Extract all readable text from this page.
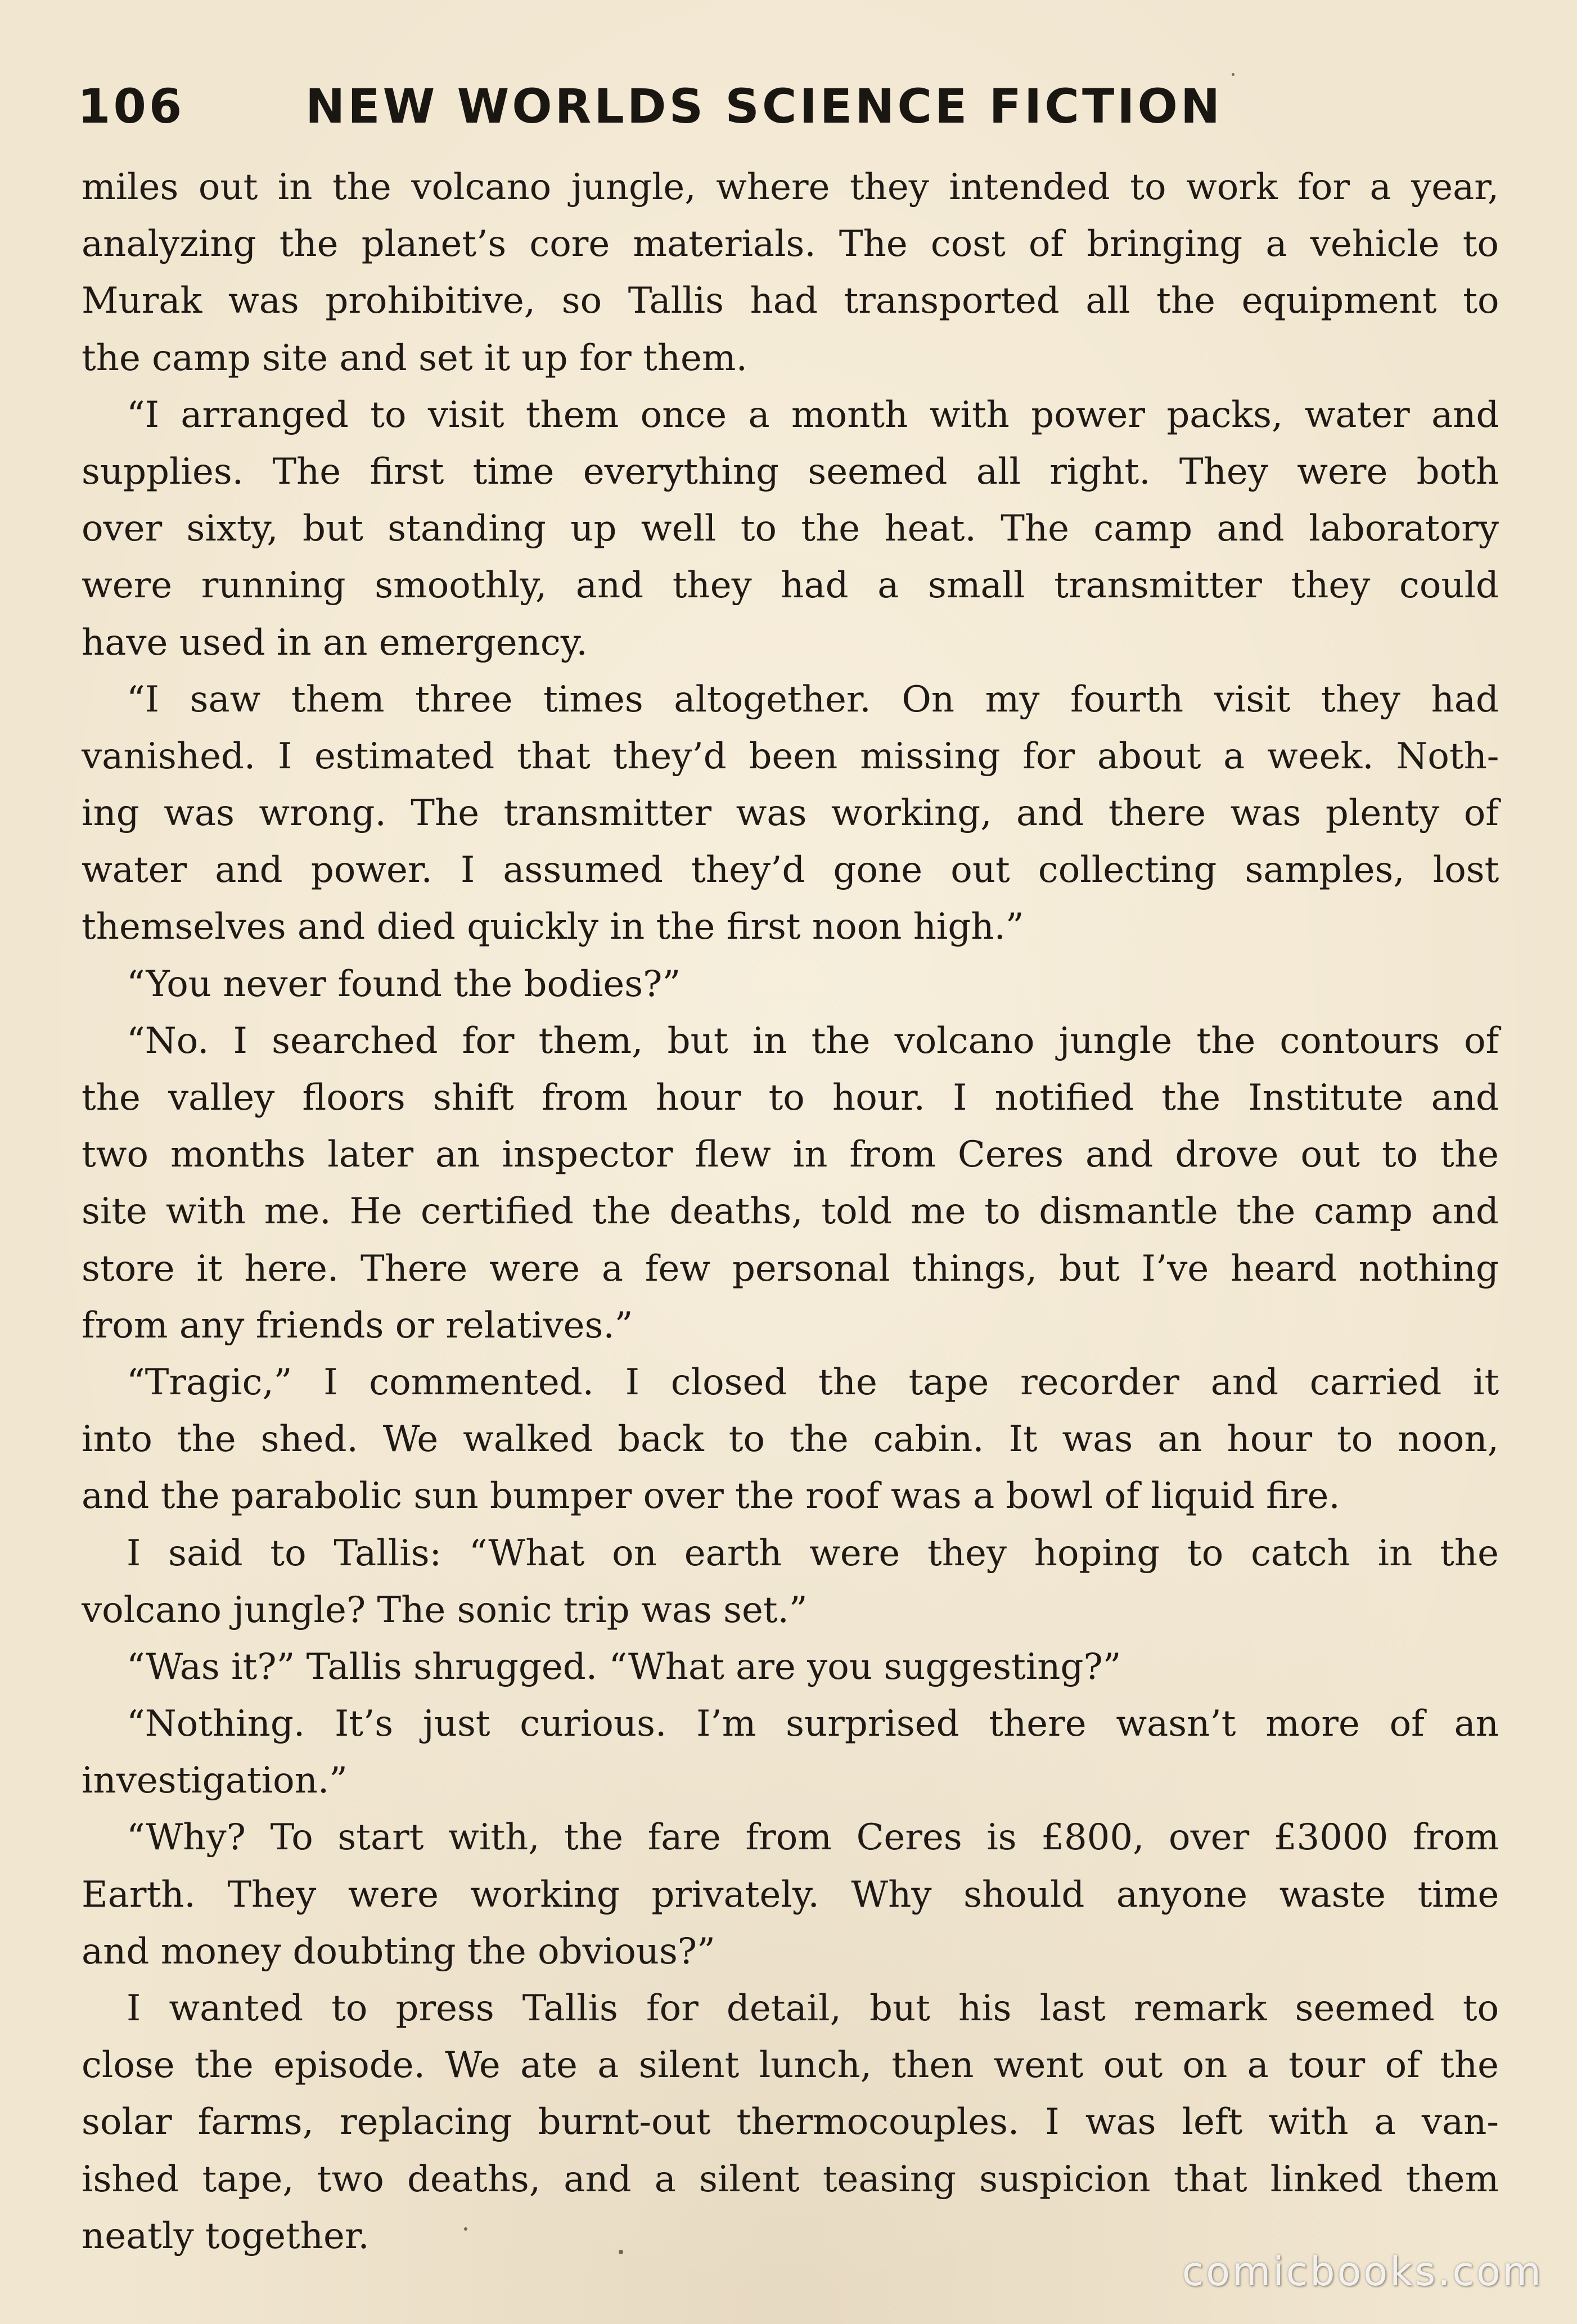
106	NEW WORLDS SCIENCE FICTION
miles out in the volcano jungle, where they intended to work for a year,
analyzing the planet’s core materials. The cost of bringing a vehicle to
Murak was prohibitive, so Tallis had transported all the equipment to
the camp site and set it up for them.
“I arranged to visit them once a month with power packs, water and
supplies. The first time everything seemed all right. They were both
over sixty, but standing up well to the heat. The camp and laboratory
were running smoothly, and they had a small transmitter they could
have used in an emergency.
“I saw them three times altogether. On my fourth visit they had
vanished. I estimated that they’d been missing for about a week. Noth-
ing was wrong. The transmitter was working, and there was plenty of
water and power. I assumed they’d gone out collecting samples, lost
themselves and died quickly in the first noon high.”
“You never found the bodies?”
“No. I searched for them, but in the volcano jungle the contours of
the valley floors shift from hour to hour. I notified the Institute and
two months later an inspector flew in from Ceres and drove out to the
site with me. He certified the deaths, told me to dismantle the camp and
store it here. There were a few personal things, but I’ve heard nothing
from any friends or relatives.”
“Tragic,” I commented. I closed the tape recorder and carried it
into the shed. We walked back to the cabin. It was an hour to noon,
and the parabolic sun bumper over the roof was a bowl of liquid fire.
I said to Tallis: “What on earth were they hoping to catch in the
volcano jungle? The sonic trip was set.”
“Was it?” Tallis shrugged. “What are you suggesting?”
“Nothing. It’s just curious. I’m surprised there wasn’t more of an
investigation.”
“Why? To start with, the fare from Ceres is £800, over £3000 from
Earth. They were working privately. Why should anyone waste time
and money doubting the obvious?”
I wanted to press Tallis for detail, but his last remark seemed to
close the episode. We ate a silent lunch, then went out on a tour of the
solar farms, replacing burnt-out thermocouples. I was left with a van-
ished tape, two deaths, and a silent teasing suspicion that linked them
neatly together.
comicbooks.com
